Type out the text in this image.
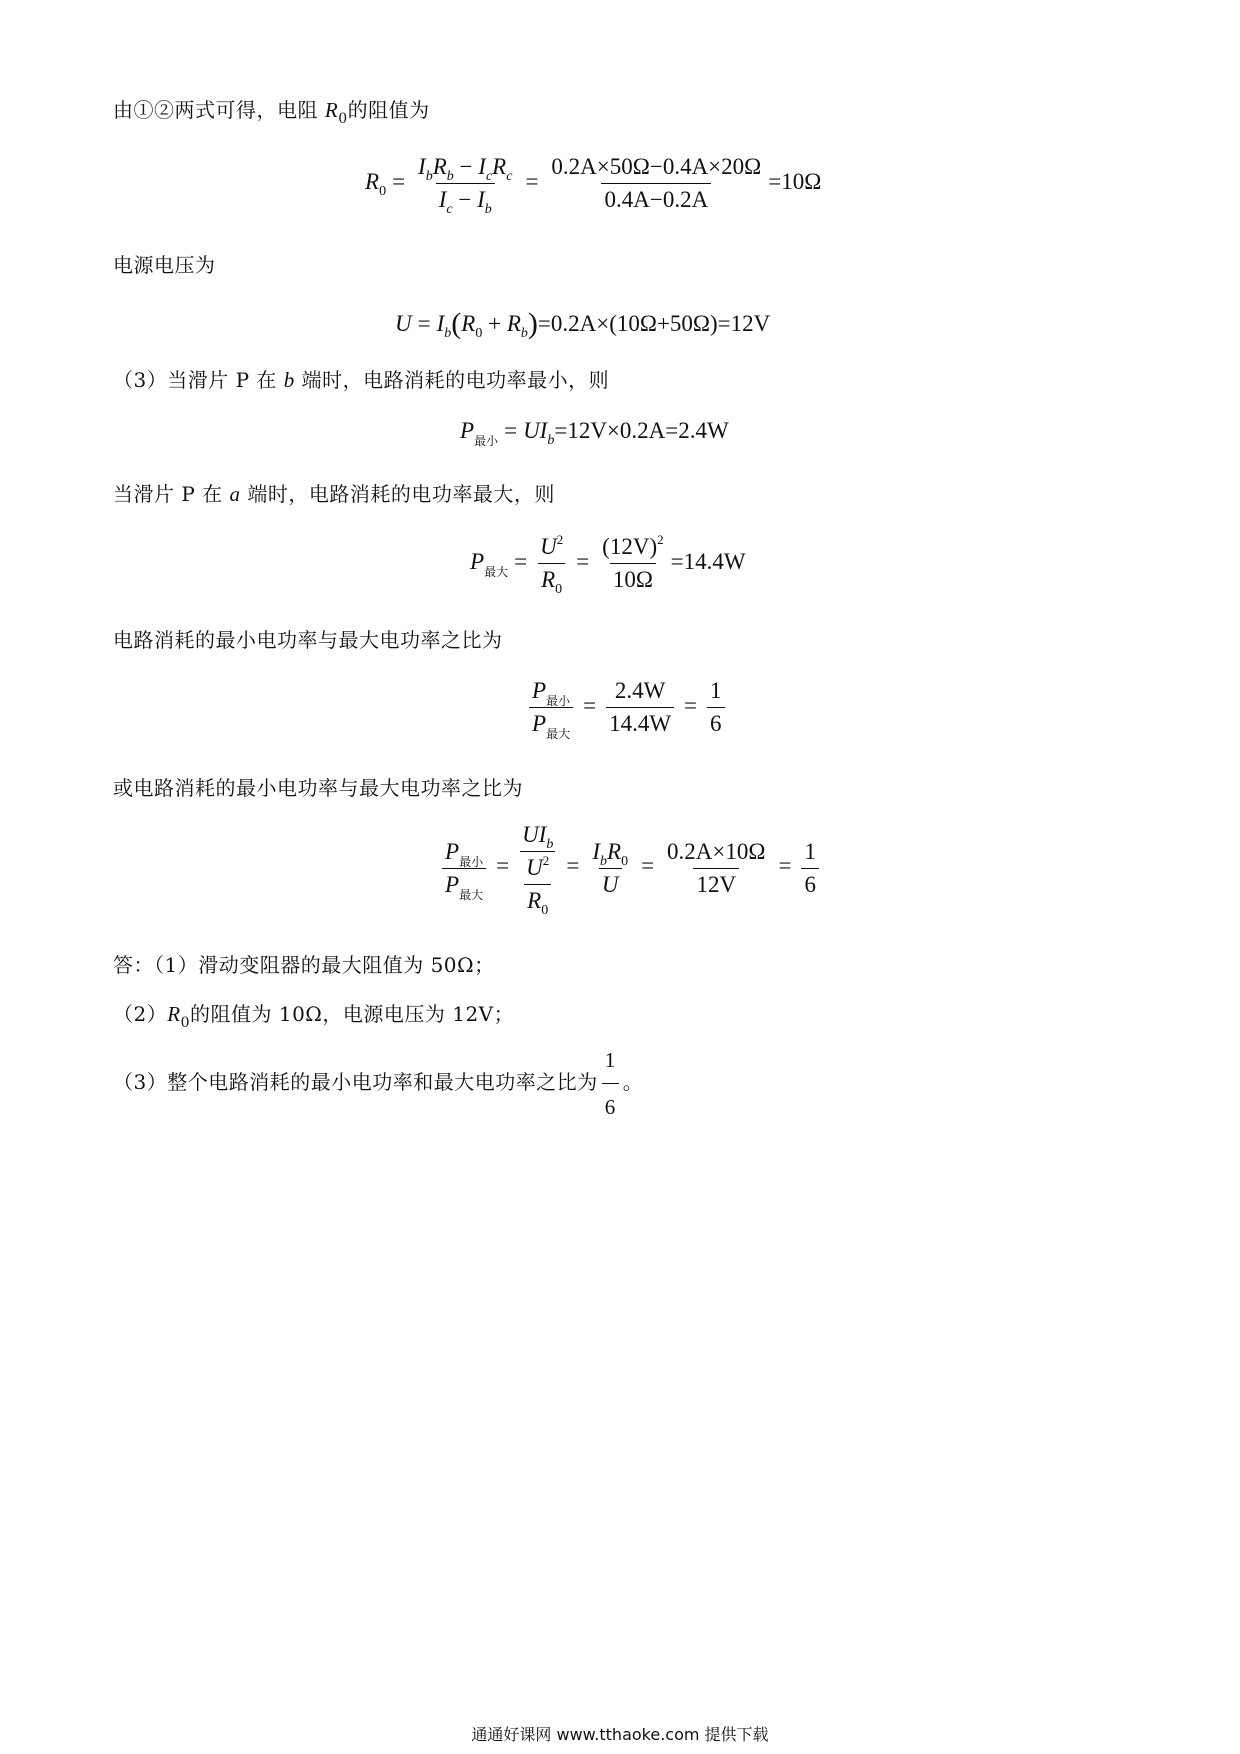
由①②两式可得，电阻 $R_0$的阻值为
$R_0 = \frac{I_bR_b - I_cR_c}{I_c - I_b} = \frac{0.2A\times 50\Omega-0.4A\times 20\Omega}{0.4A-0.2A} =10\Omega$
电源电压为
$U = I_b(R_0 + R_b)=0.2A\times(10\Omega+50\Omega)=12V$
（3）当滑片 P 在 b 端时，电路消耗的电功率最小，则
$P_{最小} = UI_b=12V\times 0.2A=2.4W$
当滑片 P 在 a 端时，电路消耗的电功率最大，则
$P_{最大} = \frac{U^2}{R_0} = \frac{(12V)^2}{10\Omega} =14.4W$
电路消耗的最小电功率与最大电功率之比为
$\frac{P_{最小}}{P_{最大}} = \frac{2.4W}{14.4W} = \frac{1}{6}$
或电路消耗的最小电功率与最大电功率之比为
$\frac{P_{最小}}{P_{最大}} = \frac{UI_b}{\frac{U^2}{R_0}} = \frac{I_bR_0}{U} = \frac{0.2A\times 10\Omega}{12V} = \frac{1}{6}$
答：（1）滑动变阻器的最大阻值为 50Ω；
$(2)R_0$的阻值为 10Ω，电源电压为 12V；
（3）整个电路消耗的最小电功率和最大电功率之比为 $\frac{1}{6}$ 。
通通好课网 www.tthaoke.com 提供下载
